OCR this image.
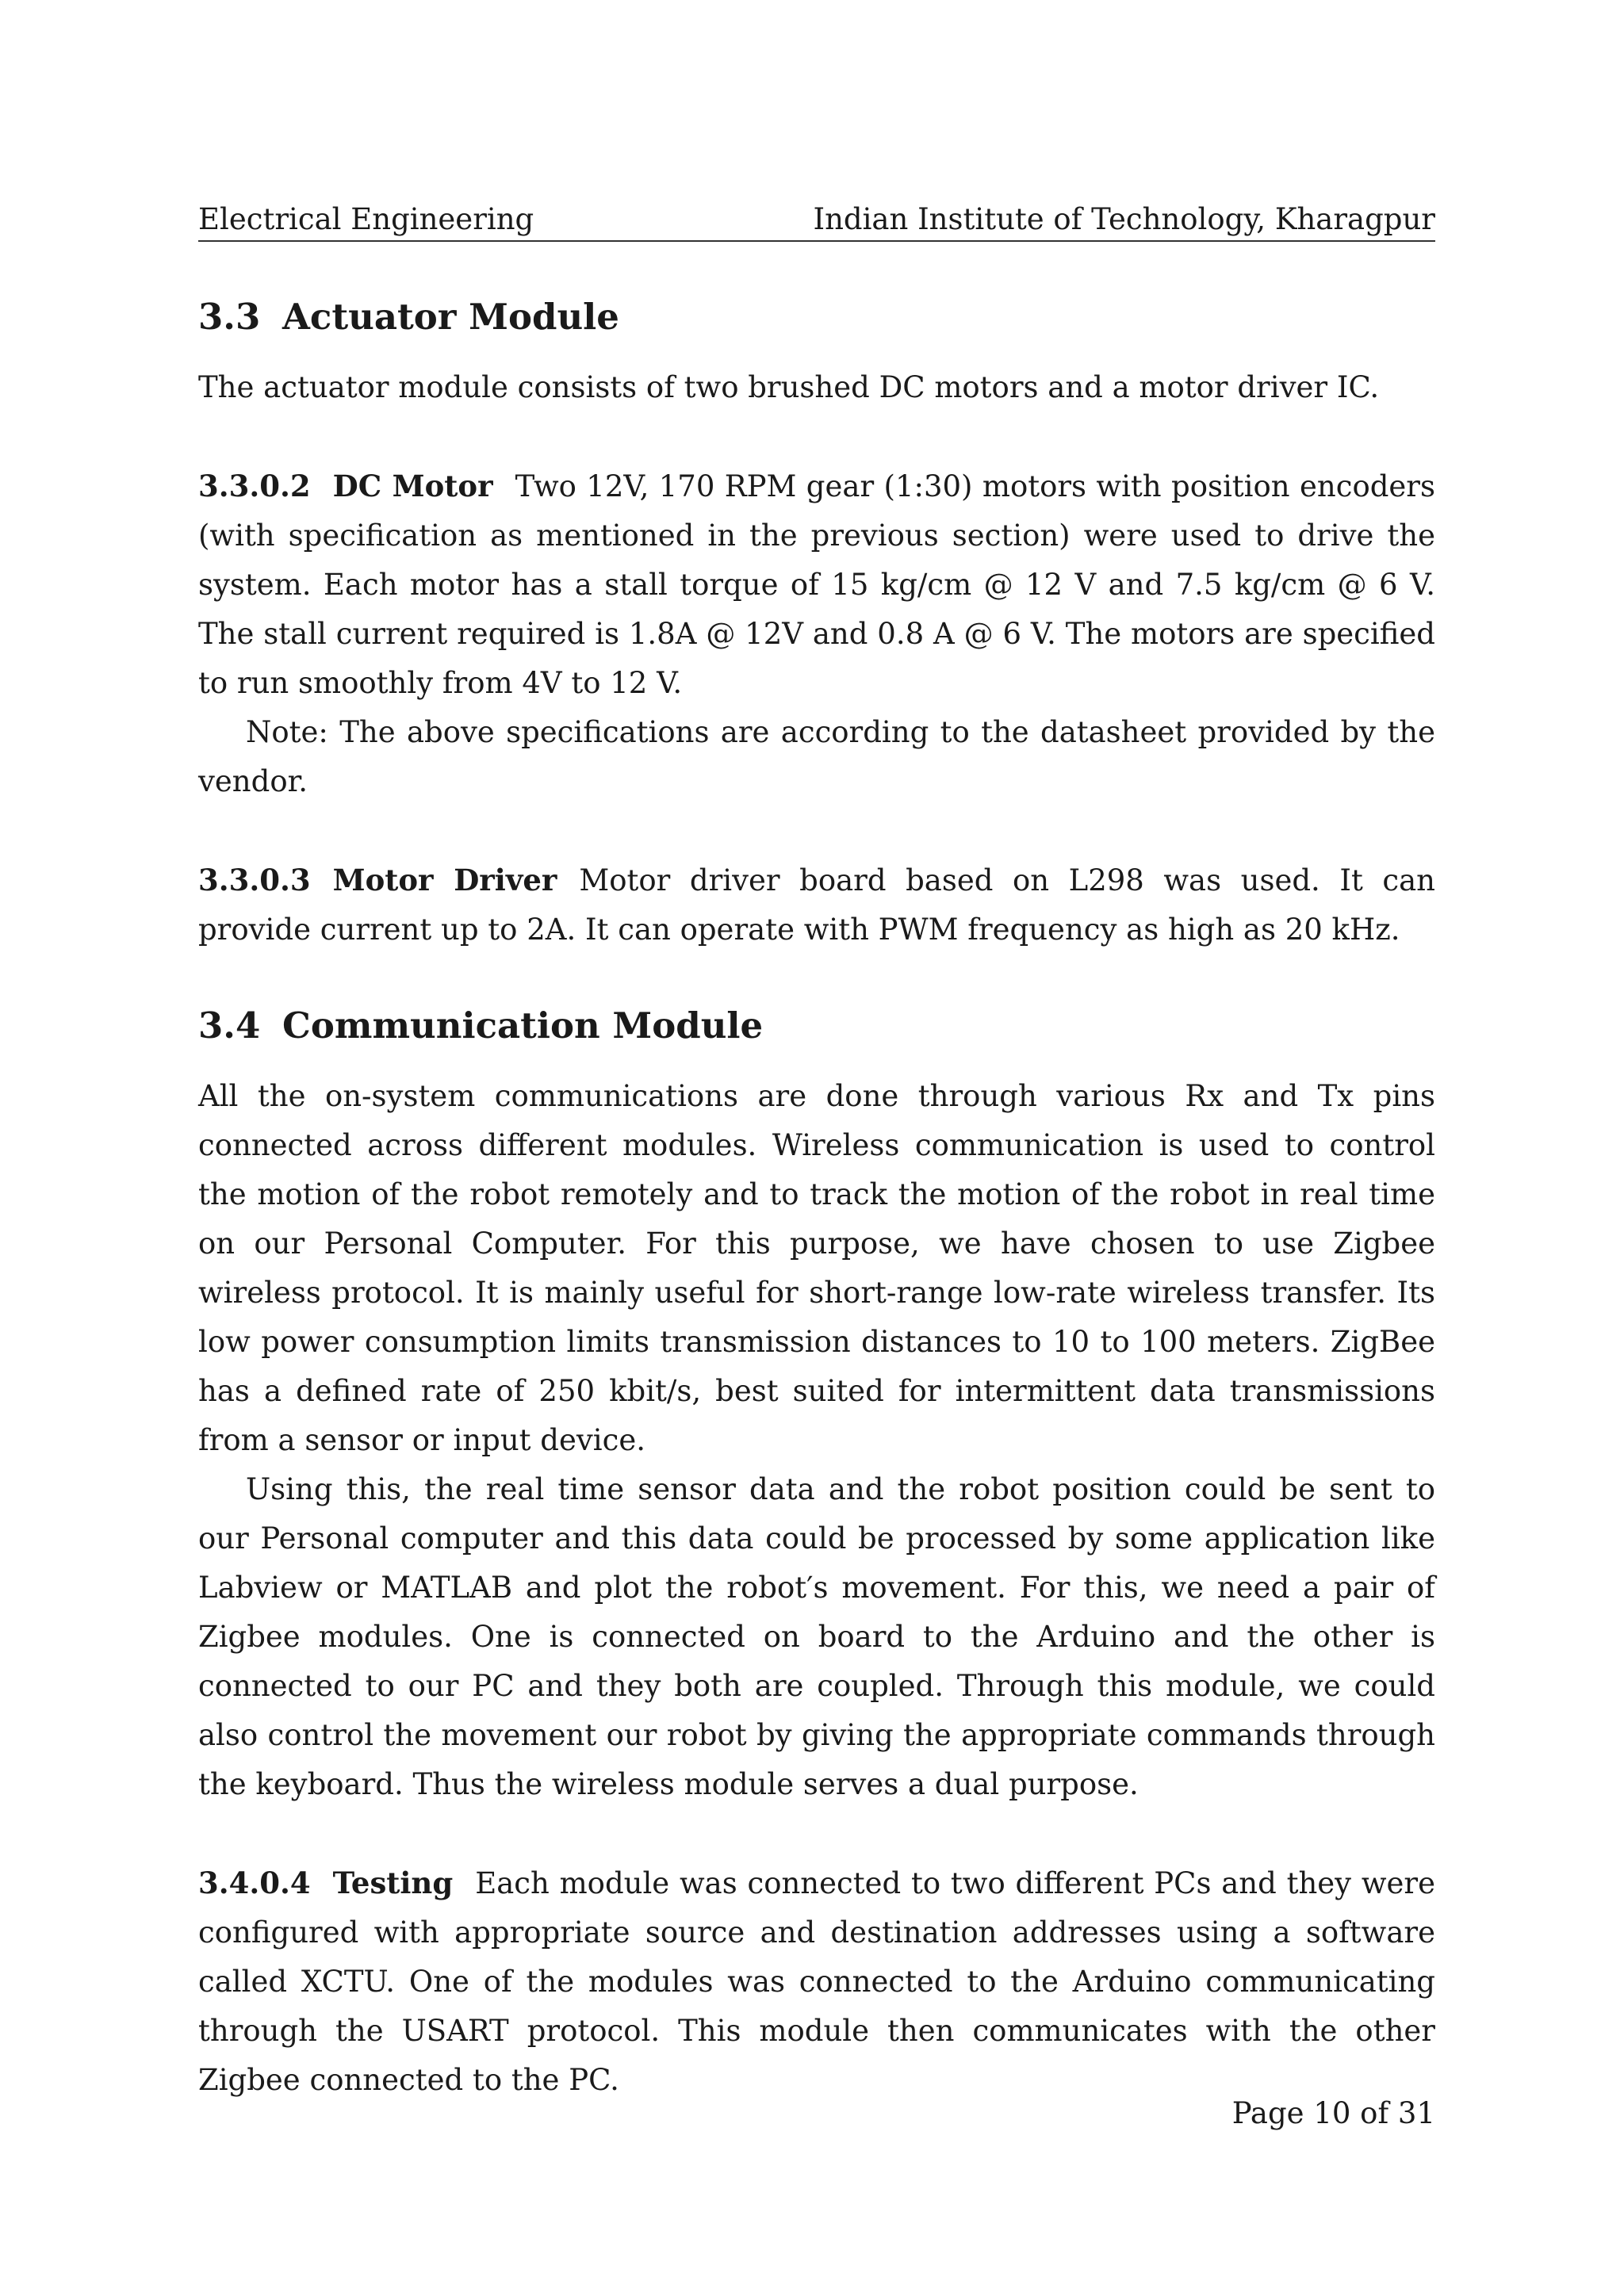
Electrical Engineering	Indian Institute of Technology, Kharagpur
3.3 Actuator Module

The actuator module consists of two brushed DC motors and a motor driver IC.

3.3.0.2 DC Motor Two 12V, 170 RPM gear (1:30) motors with position encoders (with specification as mentioned in the previous section) were used to drive the system. Each motor has a stall torque of 15 kg/cm @ 12 V and 7.5 kg/cm @ 6 V. The stall current required is 1.8A @ 12V and 0.8 A @ 6 V. The motors are specified to run smoothly from 4V to 12 V.

Note: The above specifications are according to the datasheet provided by the vendor.

3.3.0.3 Motor Driver Motor driver board based on L298 was used. It can provide current up to 2A. It can operate with PWM frequency as high as 20 kHz.

3.4 Communication Module

All the on-system communications are done through various Rx and Tx pins connected across different modules. Wireless communication is used to control the motion of the robot remotely and to track the motion of the robot in real time on our Personal Computer. For this purpose, we have chosen to use Zigbee wireless protocol. It is mainly useful for short-range low-rate wireless transfer. Its low power consumption limits transmission distances to 10 to 100 meters. ZigBee has a defined rate of 250 kbit/s, best suited for intermittent data transmissions from a sensor or input device.

Using this, the real time sensor data and the robot position could be sent to our Personal computer and this data could be processed by some application like Labview or MATLAB and plot the robot′s movement. For this, we need a pair of Zigbee modules. One is connected on board to the Arduino and the other is connected to our PC and they both are coupled. Through this module, we could also control the movement our robot by giving the appropriate commands through the keyboard. Thus the wireless module serves a dual purpose.

3.4.0.4 Testing Each module was connected to two different PCs and they were configured with appropriate source and destination addresses using a software called XCTU. One of the modules was connected to the Arduino communicating through the USART protocol. This module then communicates with the other Zigbee connected to the PC.

Page 10 of 31
